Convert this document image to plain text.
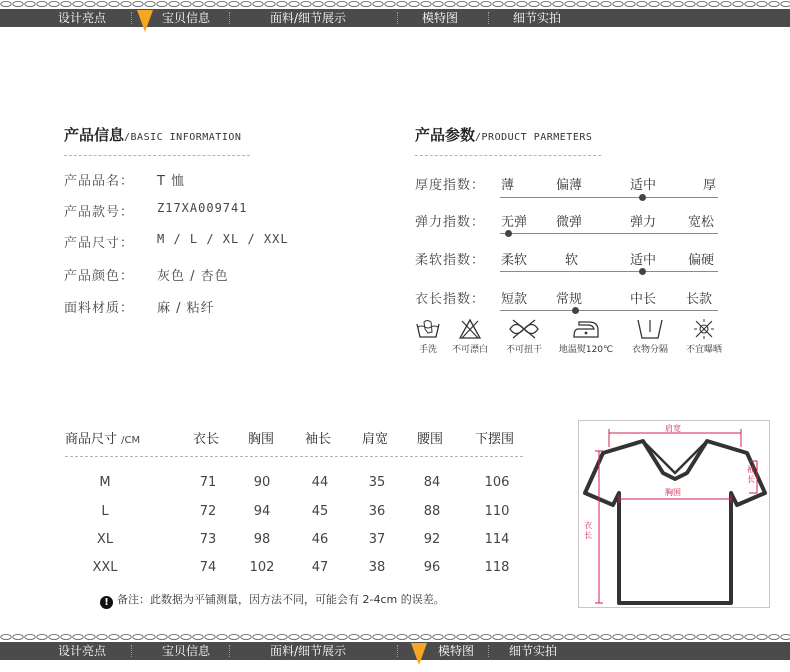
设计亮点	宝贝信息	面料/细节展示	模特图	细节实拍
产品信息/BASIC INFORMATION
产品品名： T 恤
产品款号： Z17XA009741
产品尺寸： M / L / XL / XXL
产品颜色： 灰色 / 杏色
面料材质： 麻 / 粘纤
产品参数/PRODUCT PARMETERS
厚度指数： 薄	偏薄	适中	厚
弹力指数： 无弹 微弹	弹力 宽松
柔软指数： 柔软	软	适中 偏硬
衣长指数： 短款 常规	中长 长款
手洗	不可漂白	不可扭干	地温熨120℃	衣物分隔	不宜曝晒
商品尺寸 /CM	衣长 胸围 袖长 肩宽 腰围 下摆围
M	71	90	44	35	84	106
L	72	94	45	36	88	110
XL	73	98	46	37	92	114
XXL	74	102	47	38	96	118
! 备注：此数据为平铺测量，因方法不同，可能会有 2-4cm 的误差。
肩宽
胸围
袖长
衣长
设计亮点	宝贝信息	面料/细节展示	模特图	细节实拍
